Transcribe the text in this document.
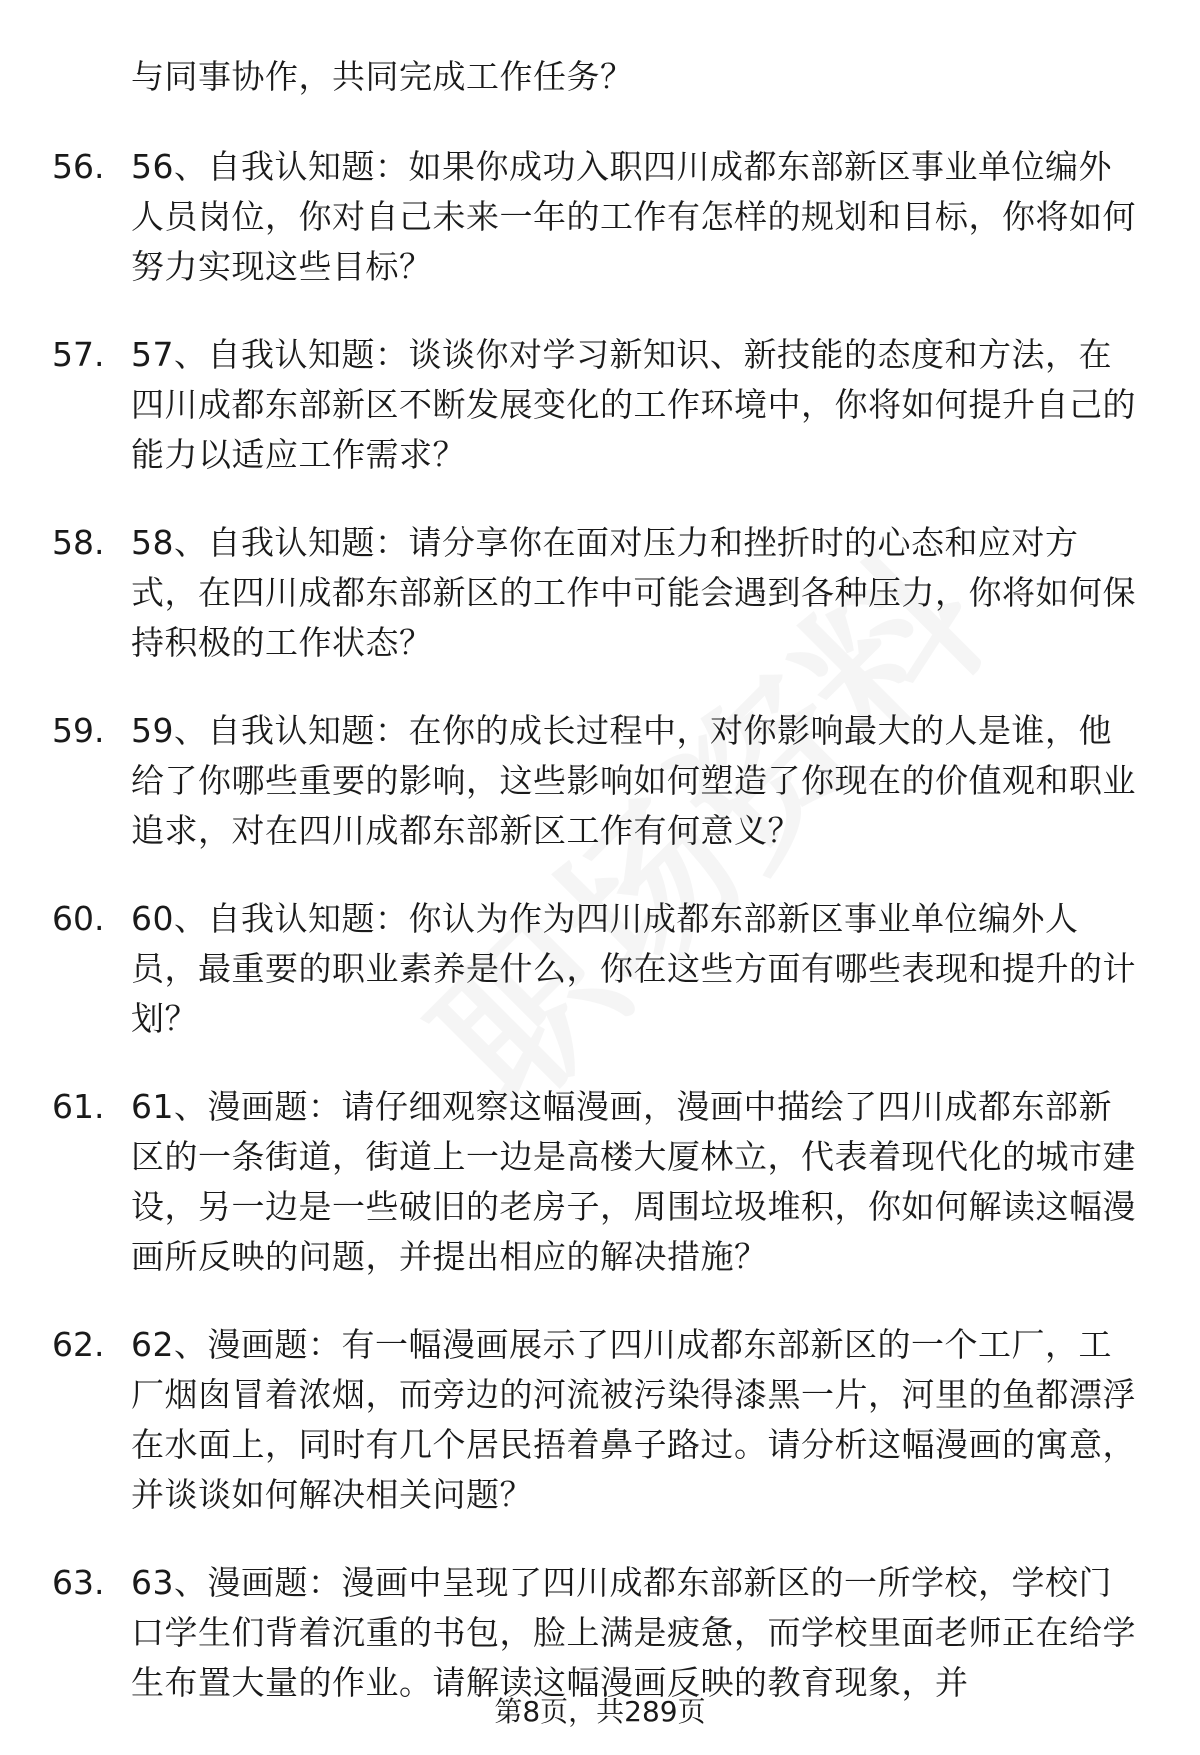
与同事协作，共同完成工作任务？
56. 56、自我认知题：如果你成功入职四川成都东部新区事业单位编外人员岗位，你对自己未来一年的工作有怎样的规划和目标，你将如何努力实现这些目标？
57. 57、自我认知题：谈谈你对学习新知识、新技能的态度和方法，在四川成都东部新区不断发展变化的工作环境中，你将如何提升自己的能力以适应工作需求？
58. 58、自我认知题：请分享你在面对压力和挫折时的心态和应对方式，在四川成都东部新区的工作中可能会遇到各种压力，你将如何保持积极的工作状态？
59. 59、自我认知题：在你的成长过程中，对你影响最大的人是谁，他给了你哪些重要的影响，这些影响如何塑造了你现在的价值观和职业追求，对在四川成都东部新区工作有何意义？
60. 60、自我认知题：你认为作为四川成都东部新区事业单位编外人员，最重要的职业素养是什么，你在这些方面有哪些表现和提升的计划？
61. 61、漫画题：请仔细观察这幅漫画，漫画中描绘了四川成都东部新区的一条街道，街道上一边是高楼大厦林立，代表着现代化的城市建设，另一边是一些破旧的老房子，周围垃圾堆积，你如何解读这幅漫画所反映的问题，并提出相应的解决措施？
62. 62、漫画题：有一幅漫画展示了四川成都东部新区的一个工厂，工厂烟囱冒着浓烟，而旁边的河流被污染得漆黑一片，河里的鱼都漂浮在水面上，同时有几个居民捂着鼻子路过。请分析这幅漫画的寓意，并谈谈如何解决相关问题？
63. 63、漫画题：漫画中呈现了四川成都东部新区的一所学校，学校门口学生们背着沉重的书包，脸上满是疲惫，而学校里面老师正在给学生布置大量的作业。请解读这幅漫画反映的教育现象，并
第8页，共289页
